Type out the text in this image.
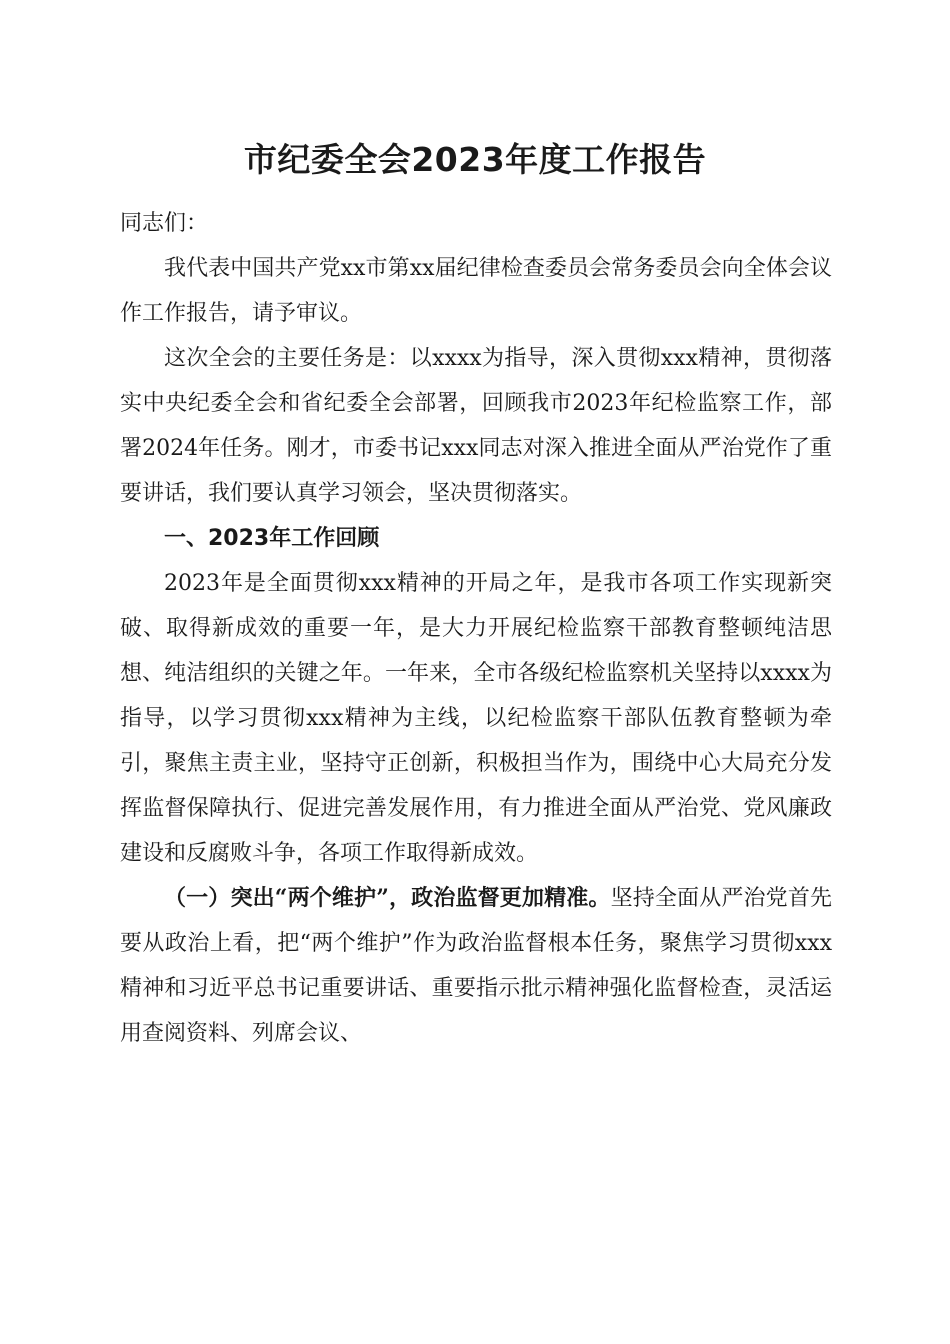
市纪委全会2023年度工作报告

同志们：

我代表中国共产党xx市第xx届纪律检查委员会常务委员会向全体会议作工作报告，请予审议。

这次全会的主要任务是：以xxxx为指导，深入贯彻xxx精神，贯彻落实中央纪委全会和省纪委全会部署，回顾我市2023年纪检监察工作，部署2024年任务。刚才，市委书记xxx同志对深入推进全面从严治党作了重要讲话，我们要认真学习领会，坚决贯彻落实。

一、2023年工作回顾

2023年是全面贯彻xxx精神的开局之年，是我市各项工作实现新突破、取得新成效的重要一年，是大力开展纪检监察干部教育整顿纯洁思想、纯洁组织的关键之年。一年来，全市各级纪检监察机关坚持以xxxx为指导，以学习贯彻xxx精神为主线，以纪检监察干部队伍教育整顿为牵引，聚焦主责主业，坚持守正创新，积极担当作为，围绕中心大局充分发挥监督保障执行、促进完善发展作用，有力推进全面从严治党、党风廉政建设和反腐败斗争，各项工作取得新成效。

（一）突出“两个维护”，政治监督更加精准。坚持全面从严治党首先要从政治上看，把“两个维护”作为政治监督根本任务，聚焦学习贯彻xxx精神和习近平总书记重要讲话、重要指示批示精神强化监督检查，灵活运用查阅资料、列席会议、
